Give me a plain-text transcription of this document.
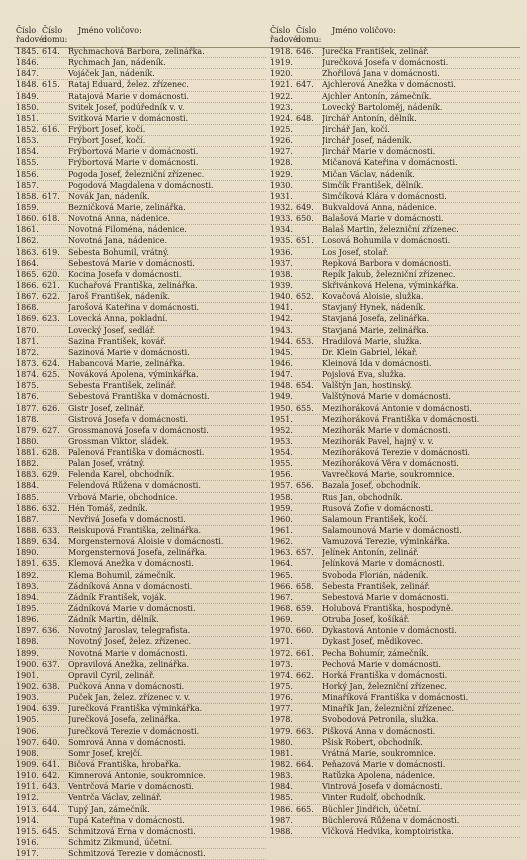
Číslo řadové:
Číslo domu:
Jméno voličovo:
1845. 614.	Rychmachová Barbora, zelinářka.
1846.	Rychmach Jan, nádeník.
1847.	Vojáček Jan, nádeník.
1848. 615.	Rataj Eduard, želez. zřízenec.
1849.	Ratajová Marie v domácnosti.
1850.	Svitek Josef, podúředník v. v.
1851.	Svitková Marie v domácnosti.
1852. 616.	Frýbort Josef, kočí.
1853.	Frýbort Josef, kočí.
1854.	Frýbortová Marie v domácnosti.
1855.	Frýbortová Marie v domácnosti.
1856.	Pogoda Josef, železniční zřízenec.
1857.	Pogodová Magdalena v domácnosti.
1858. 617.	Novák Jan, nádeník.
1859.	Bezničková Marie, zelinářka.
1860. 618.	Novotná Anna, nádenice.
1861.	Novotná Filoména, nádenice.
1862.	Novotná Jana, nádenice.
1863. 619.	Šebesta Bohumil, vrátný.
1864.	Šebestová Marie v domácnosti.
1865. 620.	Kocina Josefa v domácnosti.
1866. 621.	Kuchařová Františka, zelinářka.
1867. 622.	Jaroš František, nádeník.
1868.	Jarošová Kateřina v domácnosti.
1869. 623.	Lovecká Anna, pokladní.
1870.	Lovecký Josef, sedlář.
1871.	Sazina František, kovář.
1872.	Sazinová Marie v domácnosti.
1873. 624.	Habancová Marie, zelinářka.
1874. 625.	Nováková Apolena, výminkářka.
1875.	Šebesta František, zelinář.
1876.	Šebestová Františka v domácnosti.
1877. 626.	Gistr Josef, zelinář.
1878.	Gistrová Josefa v domácnosti.
1879. 627.	Grossmanová Josefa v domácnosti.
1880.	Grossman Viktor, sládek.
1881. 628.	Palenová Františka v domácnosti.
1882.	Palan Josef, vrátný.
1883. 629.	Felenda Karel, obchodník.
1884.	Felendová Růžena v domácnosti.
1885.	Vrbová Marie, obchodnice.
1886. 632.	Hén Tomáš, zedník.
1887.	Nevřivá Josefa v domácnosti.
1888. 633.	Reiskupová Františka, zelinářka.
1889. 634.	Morgensternová Aloisie v domácnosti.
1890.	Morgensternová Josefa, zelinářka.
1891. 635.	Klemová Anežka v domácnosti.
1892.	Klema Bohumil, zámečník.
1893.	Žádníková Anna v domácnosti.
1894.	Žádník František, voják.
1895.	Žádníková Marie v domácnosti.
1896.	Žádník Martin, dělník.
1897. 636.	Novotný Jaroslav, telegrafista.
1898.	Novotný Josef, želez. zřízenec.
1899.	Novotná Marie v domácnosti.
1900. 637.	Opravilová Anežka, zelinářka.
1901.	Opravil Cyril, zelinář.
1902. 638.	Pučková Anna v domácnosti.
1903.	Puček Jan, želez. zřízenec v. v.
1904. 639.	Jurečková Františka výminkářka.
1905.	Jurečková Josefa, zelinářka.
1906.	Jurečková Terezie v domácnosti.
1907. 640.	Somrová Anna v domácnosti.
1908.	Somr Josef, krejčí.
1909. 641.	Bičová Františka, hrobařka.
1910. 642.	Kimnerová Antonie, soukromnice.
1911. 643.	Ventrčová Marie v domácnosti.
1912.	Ventrča Václav, zelinář.
1913. 644.	Tupý Jan, zámečník.
1914.	Tupá Kateřina v domácnosti.
1915. 645.	Schmitzová Erna v domácnosti.
1916.	Schmitz Zikmund, účetní.
1917.	Schmitzová Terezie v domácnosti.
Číslo řadové:
Číslo domu:
Jméno voličovo:
1918. 646.	Jurečka František, zelinář.
1919.	Jurečková Josefa v domácnosti.
1920.	Zhořilová Jana v domácnosti.
1921. 647.	Ajchlerová Anežka v domácnosti.
1922.	Ajchler Antonín, zámečník.
1923.	Lovecký Bartoloměj, nádeník.
1924. 648.	Jirchář Antonín, dělník.
1925.	Jirchář Jan, kočí.
1926.	Jirchář Josef, nádeník.
1927.	Jirchář Marie v domácnosti.
1928.	Mičanová Kateřina v domácnosti.
1929.	Mičan Václav, nádeník.
1930.	Šimčík František, dělník.
1931.	Šimčíková Klára v domácnosti.
1932. 649.	Bukvaldová Anna, nádenice.
1933. 650.	Balašová Marie v domácnosti.
1934.	Balaš Martin, železniční zřízenec.
1935. 651.	Losová Bohumila v domácnosti.
1936.	Los Josef, stolař.
1937.	Řepková Barbora v domácnosti.
1938.	Řepík Jakub, železniční zřízenec.
1939.	Skřivánková Helena, výminkářka.
1940. 652.	Kovačová Aloisie, služka.
1941.	Stavjaný Hynek, nádeník.
1942.	Stavjaná Josefa, zelinářka.
1943.	Stavjaná Marie, zelinářka.
1944. 653.	Hradilová Marie, služka.
1945.	Dr. Klein Gabriel, lékař.
1946.	Kleinová Ida v domácnosti.
1947.	Pojslová Eva, služka.
1948. 654.	Valštýn Jan, hostinský.
1949.	Valštýnová Marie v domácnosti.
1950. 655.	Mezihoráková Antonie v domácnosti.
1951.	Mezihoráková Františka v domácnosti.
1952.	Mezihorák Marie v domácnosti.
1953.	Mezihorák Pavel, hajný v. v.
1954.	Mezihoráková Terezie v domácnosti.
1955.	Mezihoráková Věra v domácnosti.
1956.	Vavrečková Marie, soukromnice.
1957. 656.	Bazala Josef, obchodník.
1958.	Rus Jan, obchodník.
1959.	Rusová Žofie v domácnosti.
1960.	Salamoun František, kočí.
1961.	Salamounová Marie v domácnosti.
1962.	Vamuzová Terezie, výminkářka.
1963. 657.	Jelínek Antonín, zelinář.
1964.	Jelínková Marie v domácnosti.
1965.	Svoboda Florián, nádeník.
1966. 658.	Šebesta František, zelinář.
1967.	Šebestová Marie v domácnosti.
1968. 659.	Holubová Františka, hospodyně.
1969.	Otruba Josef, košíkář.
1970. 660.	Dykastová Antonie v domácnosti.
1971.	Dykast Josef, mědikovec.
1972. 661.	Pecha Bohumír, zámečník.
1973.	Pechová Marie v domácnosti.
1974. 662.	Horká Františka v domácnosti.
1975.	Horký Jan, železniční zřízenec.
1976.	Minaříková Františka v domácnosti.
1977.	Minařík Jan, železniční zřízenec.
1978.	Svobodová Petronila, služka.
1979. 663.	Pišková Anna v domácnosti.
1980.	Pšisk Robert, obchodník.
1981.	Vrátná Marie, soukromnice.
1982. 664.	Peňazová Marie v domácnosti.
1983.	Ratůzka Apolena, nádenice.
1984.	Vintrová Josefa v domácnosti.
1985.	Vinter Rudolf, obchodník.
1986. 665.	Büchler Jindřich, účetní.
1987.	Büchlerová Růžena v domácnosti.
1988.	Vlčková Hedvika, komptoiristka.
